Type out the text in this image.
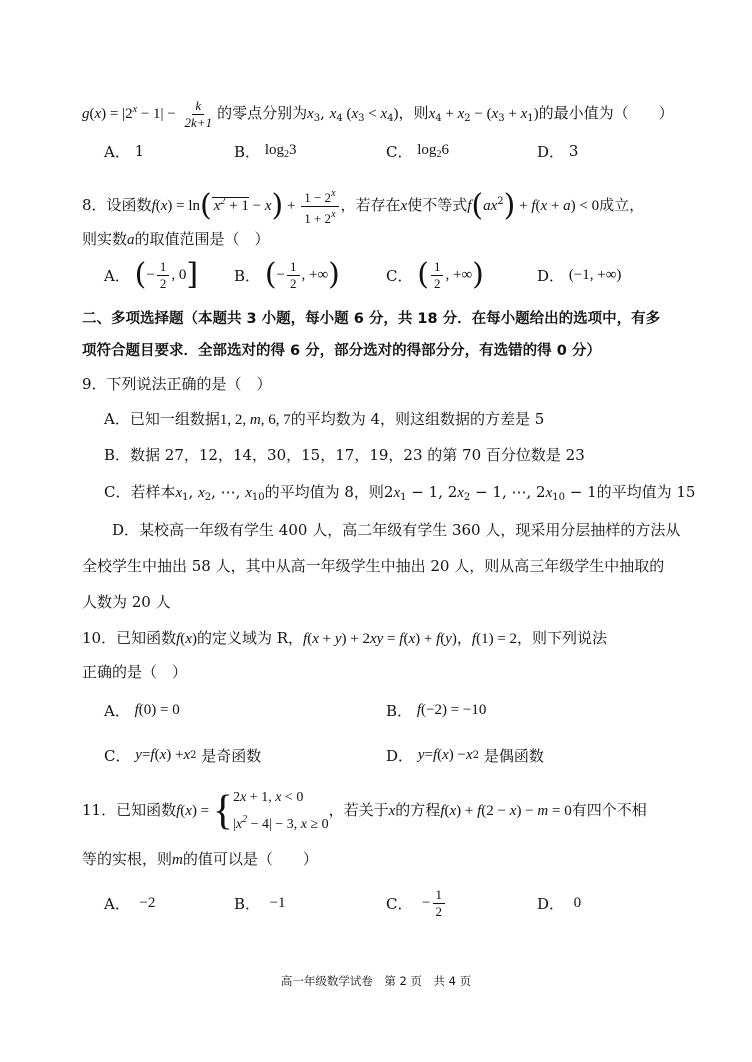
$g(x) = |2^x - 1| - \frac{k}{2k+1}$ 的零点分别为$x_3$, $x_4$ $(x_3 < x_4)$，则$x_4 + x_2 - (x_3 + x_1)$的最小值为（　　）
A．
1	B．
$\log_23$	C．
$\log_26$	D．
3
8．设函数f(x) = ln( $x^2 + 1 - x) + \frac{1 - 2^x}{1 + 2^x}$ ，若存在x使不等式$f(ax^2) + f(x + a) < 0$成立，
则实数a的取值范围是（　）
A．
( − $\frac{1}{2}$ , 0 ] B．
( − $\frac{1}{2}$ , +∞ )	C．
( $\frac{1}{2}$ , +∞ )	D．
(−1, +∞)
二、多项选择题（本题共 3 小题，每小题 6 分，共 18 分．在每小题给出的选项中，有多
项符合题目要求．全部选对的得 6 分，部分选对的得部分分，有选错的得 0 分）
9．下列说法正确的是（　）
A．已知一组数据1, 2, m, 6, 7的平均数为 4，则这组数据的方差是 5
B．数据 27，12，14，30，15，17，19，23 的第 70 百分位数是 23
C．若样本$x_1$, $x_2$, ⋯, $x_{10}$的平均值为 8，则$2x_1 - 1$, $2x_2 - 1$, ⋯, $2x_{10} - 1$的平均值为 15
D．某校高一年级有学生 400 人，高二年级有学生 360 人，现采用分层抽样的方法从
全校学生中抽出 58 人，其中从高一年级学生中抽出 20 人，则从高三年级学生中抽取的
人数为 20 人
10．已知函数f(x)的定义域为 R，f(x + y) + 2xy = f(x) + f(y)，f(1) = 2，则下列说法
正确的是（　）
A．
f (0) = 0	B．
f (−2) = −10
C．
y = f ( x ) + x 2
是奇函数	D．
y = f ( x ) − x 2
是偶函数
11．已知函数f(x) = { 2x + 1, x < 0
$|x^2 - 4| - 3$, x ≥ 0
，若关于x的方程f(x) + f(2 − x) − m = 0有四个不相
等的实根，则m的值可以是（　　）
A．
−2	B．
−1	C．
− $\frac{1}{2}$	D．
0
高一年级数学试卷　第 2 页　共 4 页
